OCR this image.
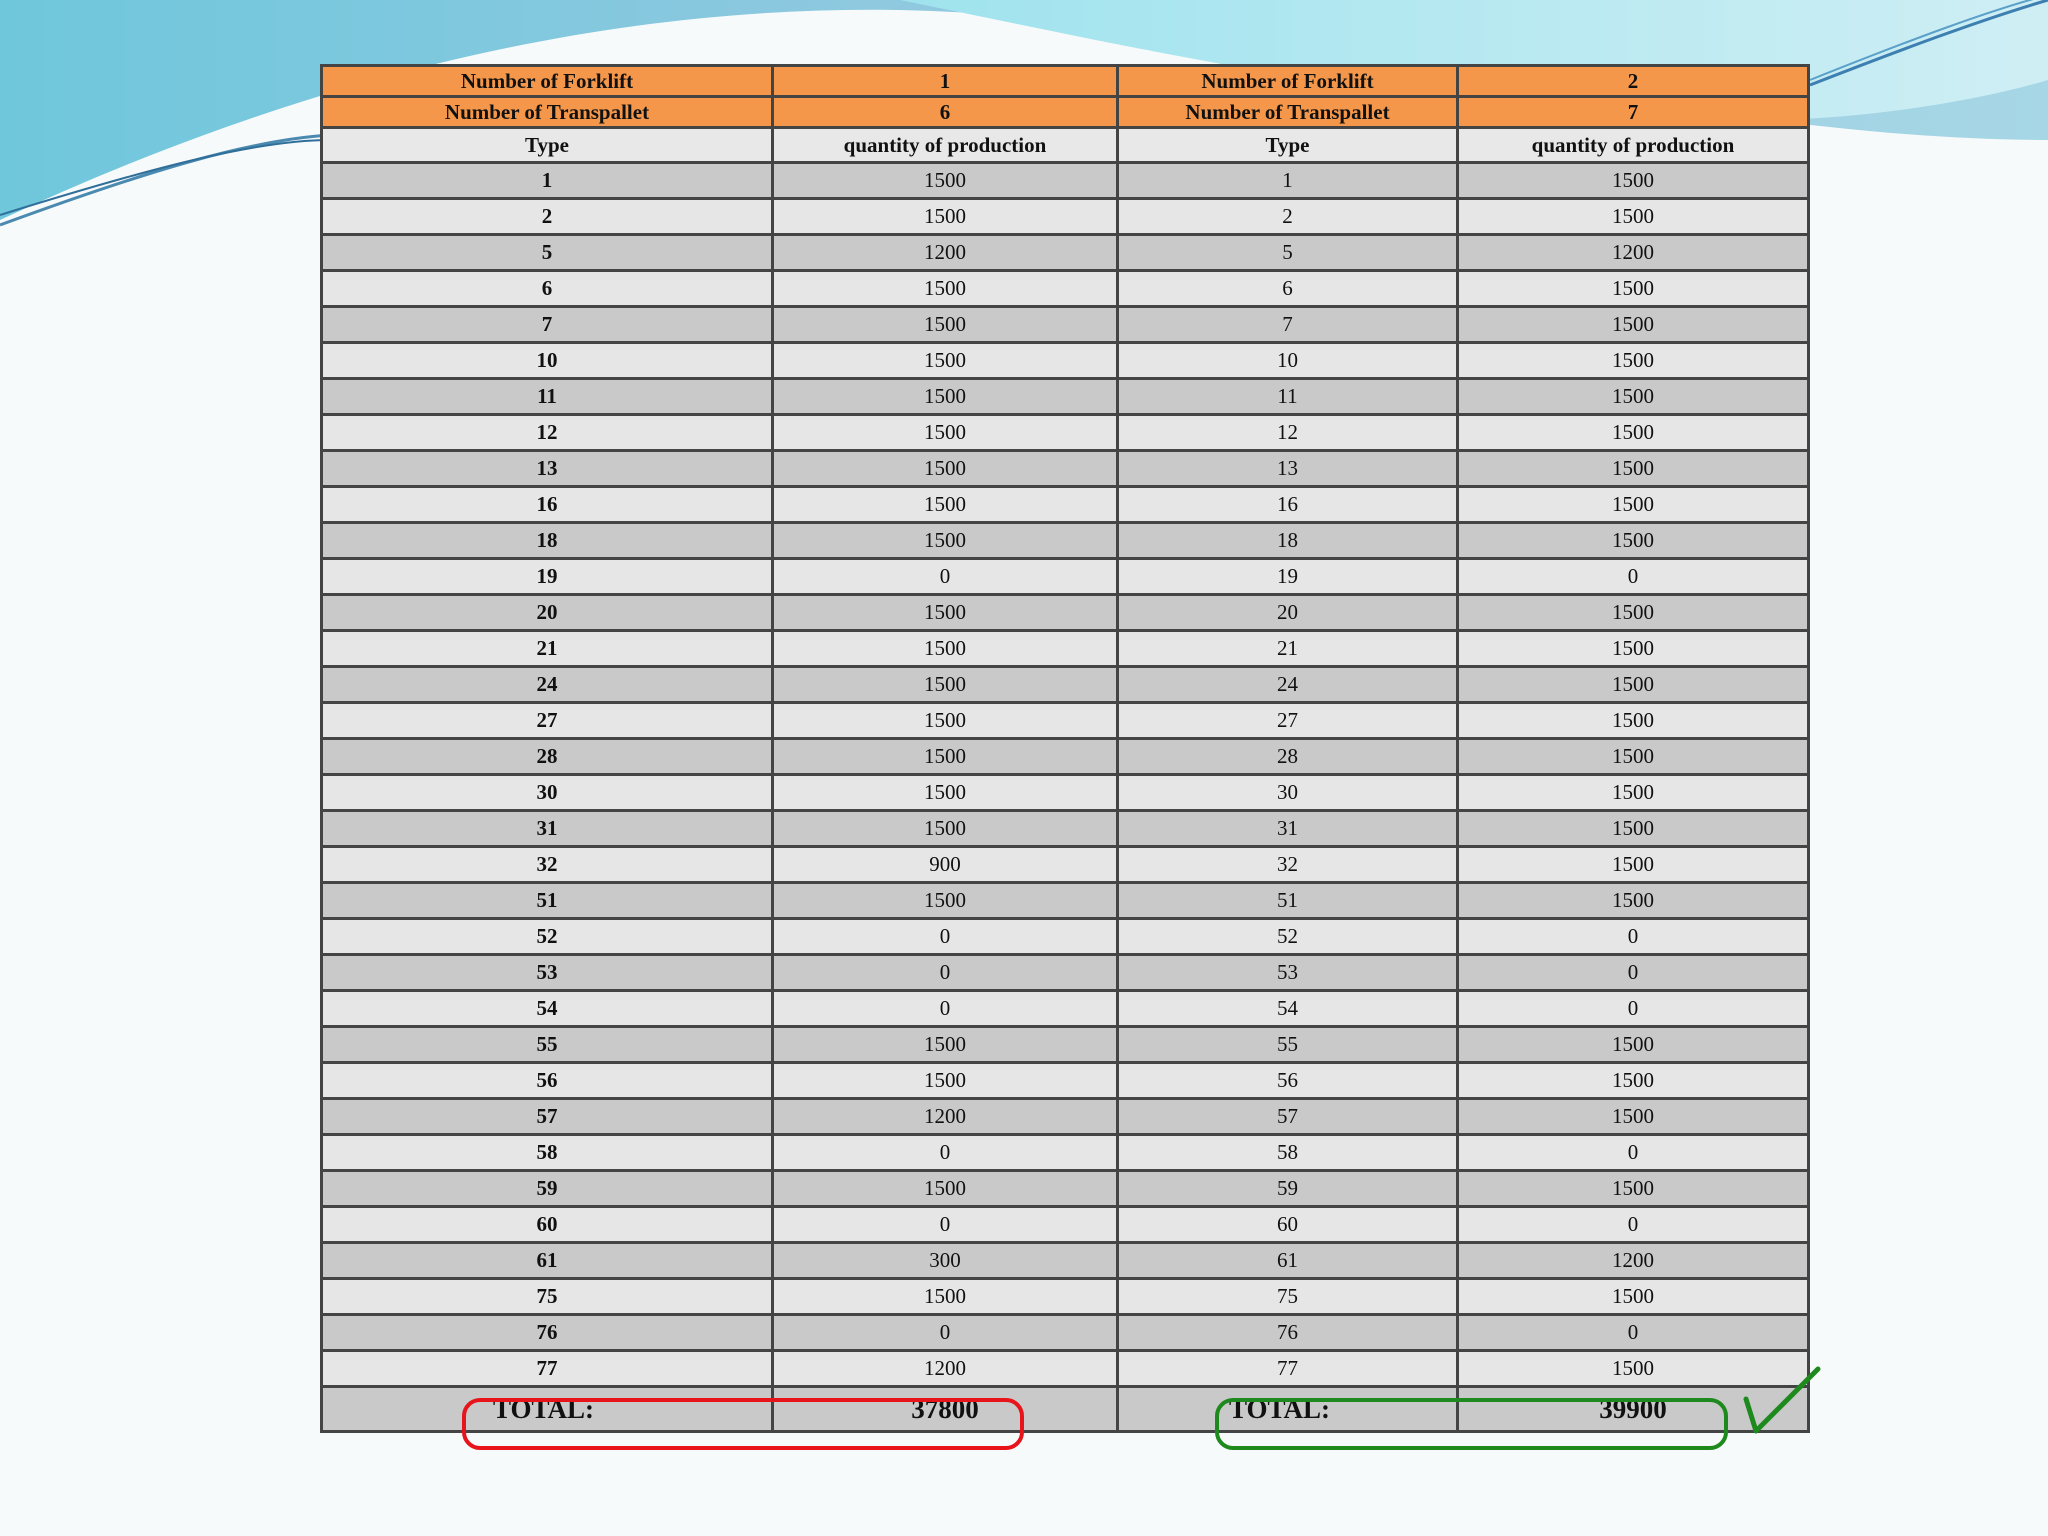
Number of Forklift	1	Number of Forklift	2
Number of Transpallet	6	Number of Transpallet	7
Type	quantity of production	Type	quantity of production
1	1500	1	1500
2	1500	2	1500
5	1200	5	1200
6	1500	6	1500
7	1500	7	1500
10	1500	10	1500
11	1500	11	1500
12	1500	12	1500
13	1500	13	1500
16	1500	16	1500
18	1500	18	1500
19	0	19	0
20	1500	20	1500
21	1500	21	1500
24	1500	24	1500
27	1500	27	1500
28	1500	28	1500
30	1500	30	1500
31	1500	31	1500
32	900	32	1500
51	1500	51	1500
52	0	52	0
53	0	53	0
54	0	54	0
55	1500	55	1500
56	1500	56	1500
57	1200	57	1500
58	0	58	0
59	1500	59	1500
60	0	60	0
61	300	61	1200
75	1500	75	1500
76	0	76	0
77	1200	77	1500
TOTAL:	37800	TOTAL:	39900
